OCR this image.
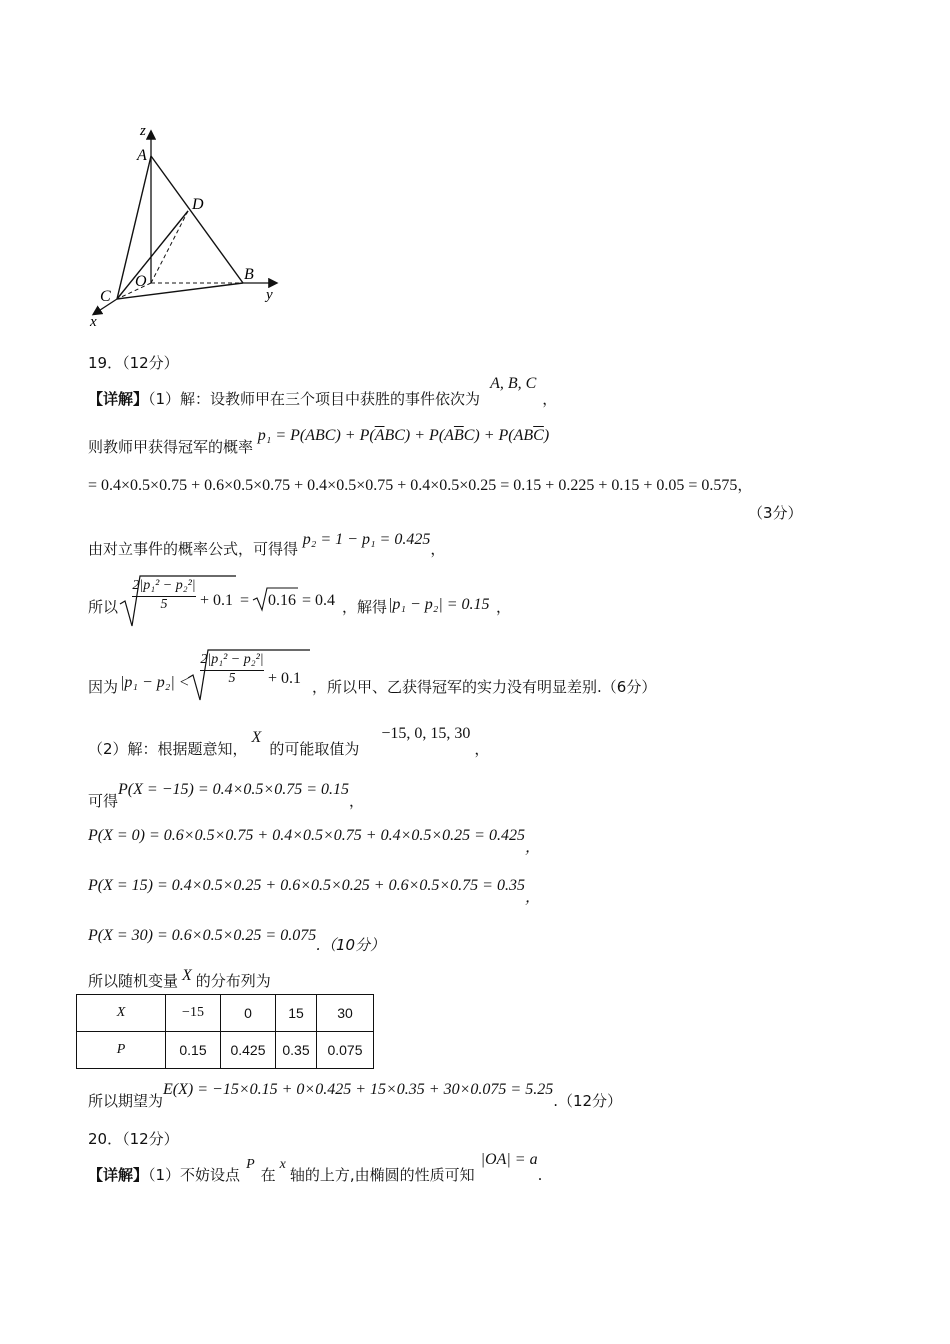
z
A
D
O	B
C	y
x
19．（12分）
【详解】（1）解：设教师甲在三个项目中获胜的事件依次为A, B, C，
则教师甲获得冠军的概率 $p_1 = P(ABC) + P(\overline{A}BC) + P(A\overline{B}C) + P(AB\overline{C})$
= 0.4×0.5×0.75 + 0.6×0.5×0.75 + 0.4×0.5×0.75 + 0.4×0.5×0.25 = 0.15 + 0.225 + 0.15 + 0.05 = 0.575，
（3分）
由对立事件的概率公式，可得得 p₂ = 1 − p₁ = 0.425，
所以 $\frac{\text{2|p₁² − p₂²|}}{5} + 0.1 = 0.16 = 0.4$ ，解得 |p₁ − p₂| = 0.15 ，
因为 $|p_1 - p_2| < \frac{\text{2|p₁² − p₂²|}}{5} + 0.1$ ，所以甲、乙获得冠军的实力没有明显差别.（6分）
（2）解：根据题意知，X的可能取值为−15, 0, 15, 30，
可得P(X = −15) = 0.4×0.5×0.75 = 0.15，
P(X = 0) = 0.6×0.5×0.75 + 0.4×0.5×0.75 + 0.4×0.5×0.25 = 0.425，
P(X = 15) = 0.4×0.5×0.25 + 0.6×0.5×0.25 + 0.6×0.5×0.75 = 0.35，
P(X = 30) = 0.6×0.5×0.25 = 0.075.（10分）
所以随机变量 X 的分布列为
X	−15	0	15	30
P	0.15	0.425	0.35	0.075
所以期望为E(X) = −15×0.15 + 0×0.425 + 15×0.35 + 30×0.075 = 5.25.（12分）
20．（12分）
【详解】（1）不妨设点P在x轴的上方,由椭圆的性质可知|OA| = a.
